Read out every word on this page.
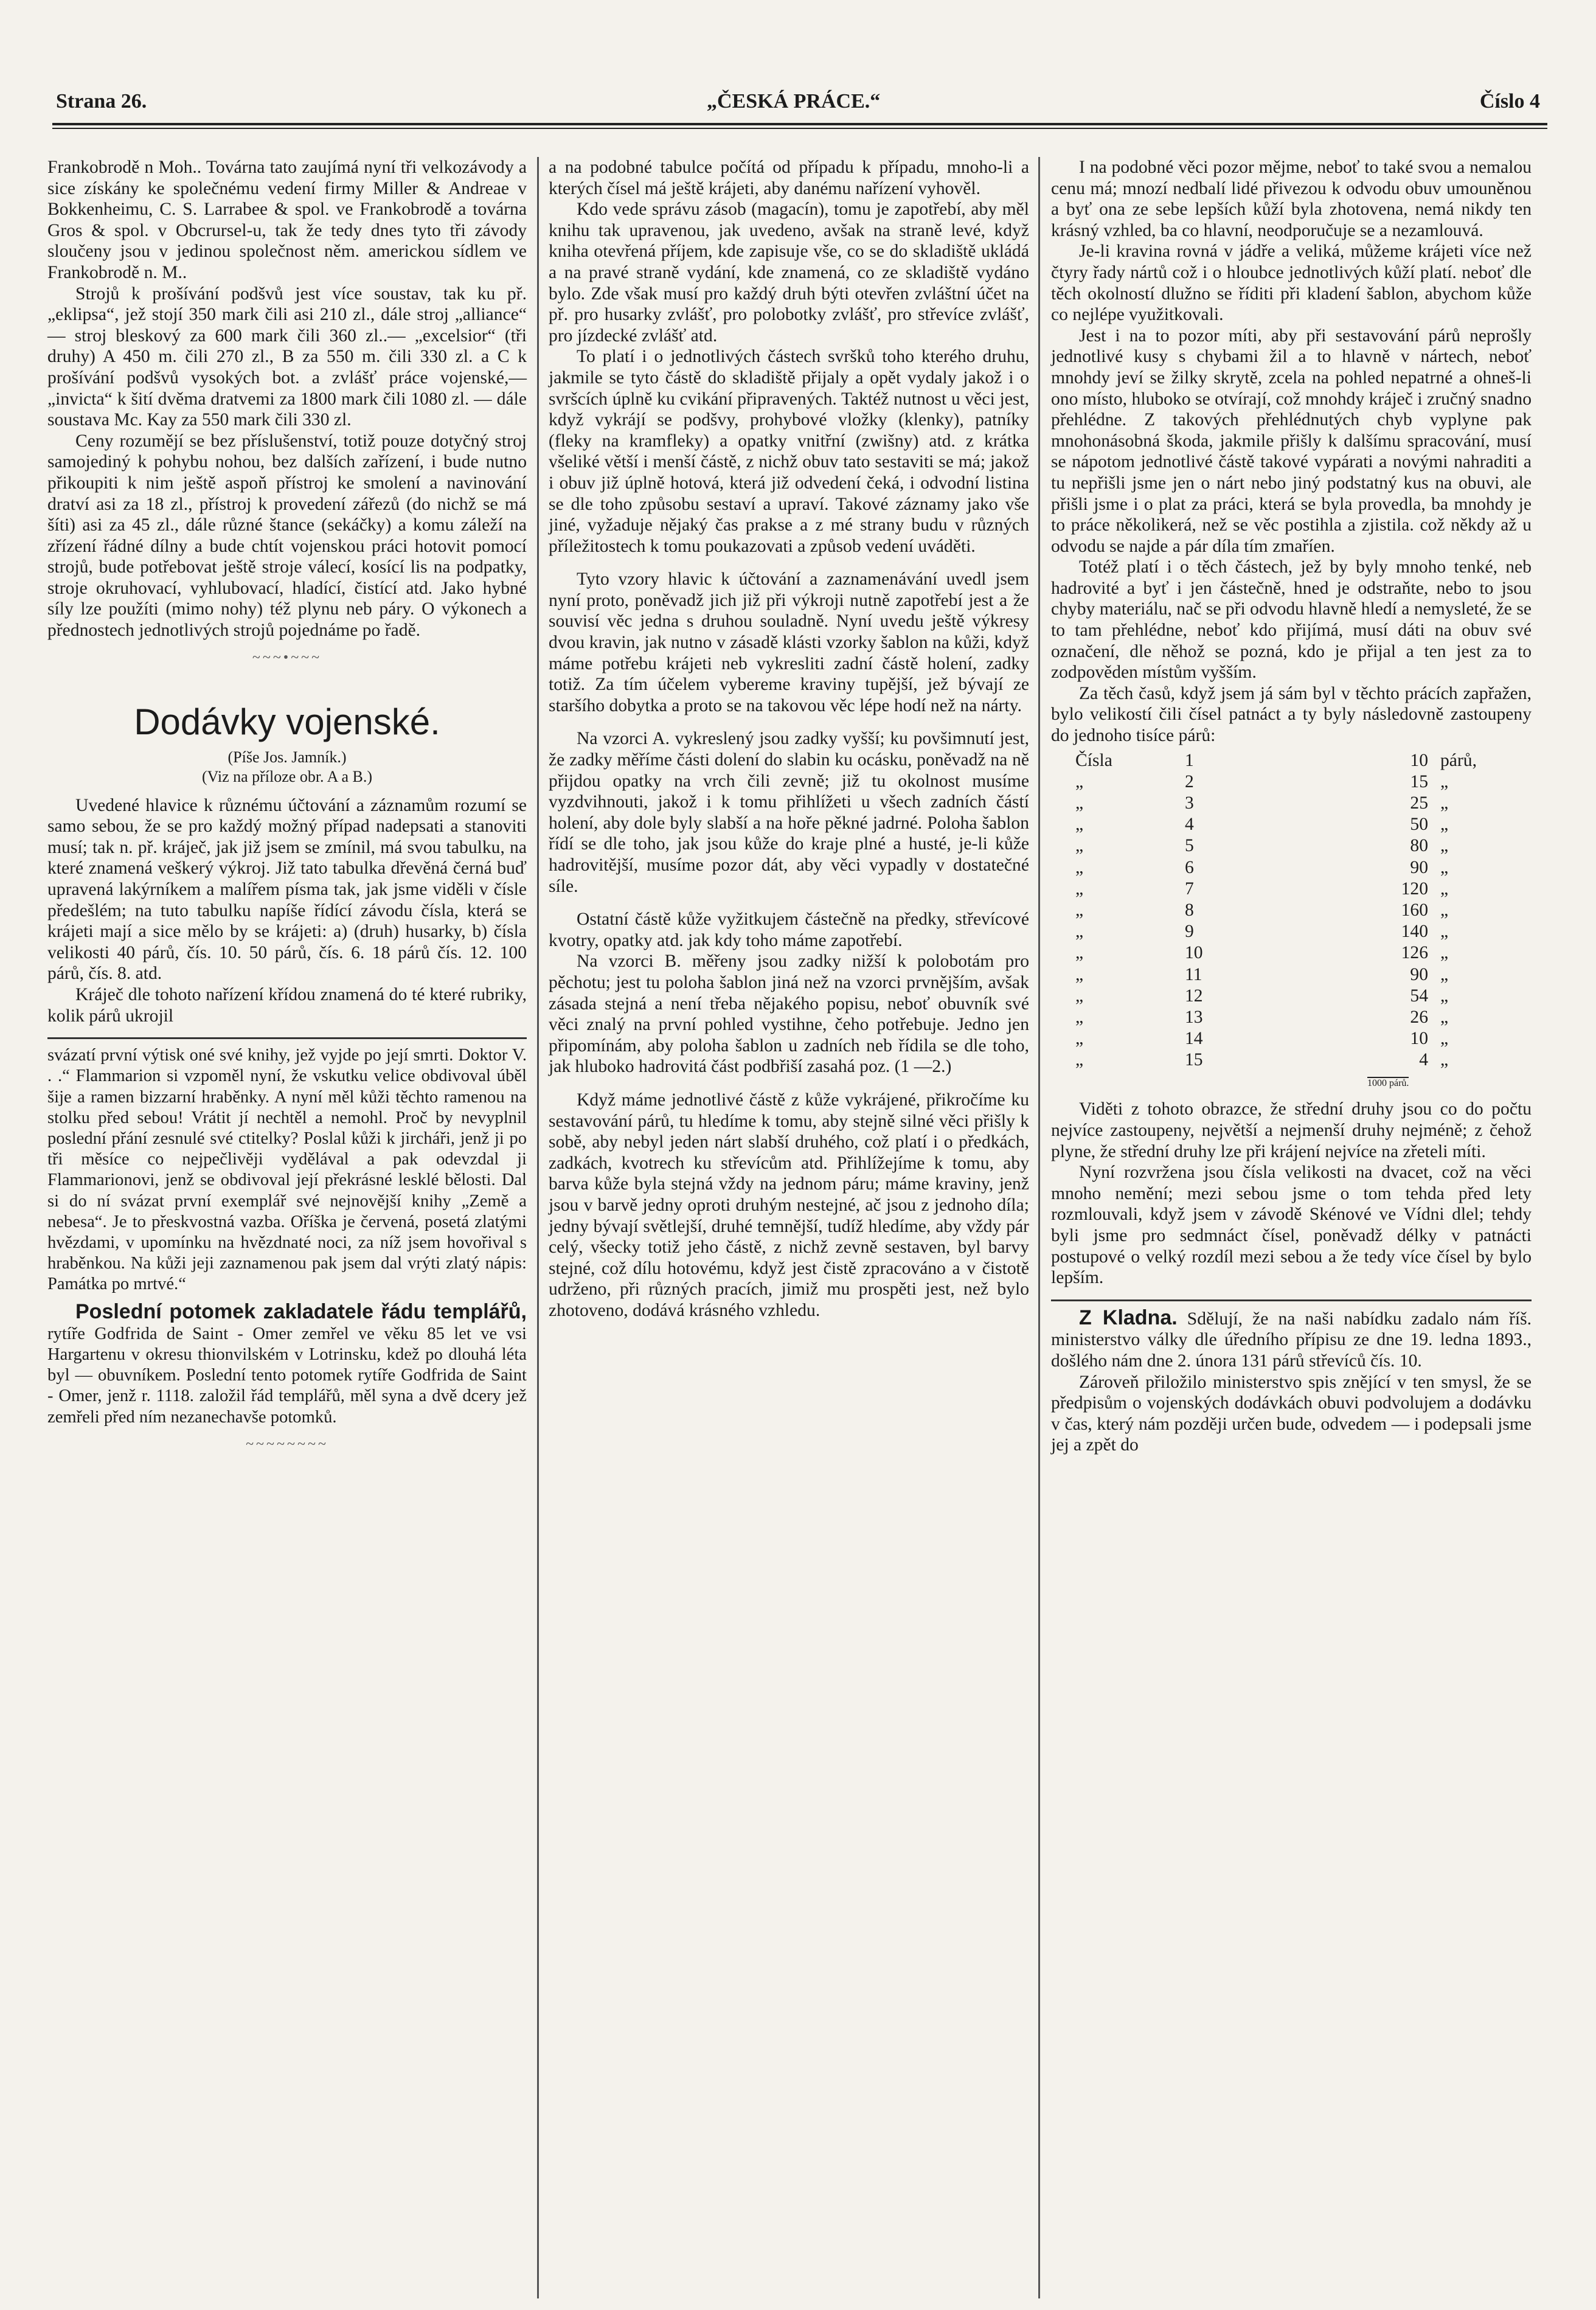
Strana 26.	„ČESKÁ PRÁCE.“	Číslo 4

Frankobrodě n Moh.. Továrna tato zaujímá nyní tři velkozávody a sice získány ke společnému vedení firmy Miller & Andreae v Bokkenheimu, C. S. Larrabee & spol. ve Frankobrodě a továrna Gros & spol. v Obcrursel-u, tak že tedy dnes tyto tři závody sloučeny jsou v jedinou společnost něm. americkou sídlem ve Frankobrodě n. M..

Strojů k prošívání podšvů jest více soustav, tak ku př. „eklipsa“, jež stojí 350 mark čili asi 210 zl., dále stroj „alliance“ — stroj bleskový za 600 mark čili 360 zl..— „excelsior“ (tři druhy) A 450 m. čili 270 zl., B za 550 m. čili 330 zl. a C k prošívání podšvů vysokých bot. a zvlášť práce vojenské,— „invicta“ k šití dvěma dratvemi za 1800 mark čili 1080 zl. — dále soustava Mc. Kay za 550 mark čili 330 zl.

Ceny rozumějí se bez příslušenství, totiž pouze dotyčný stroj samojediný k pohybu nohou, bez dalších zařízení, i bude nutno přikoupiti k nim ještě aspoň přístroj ke smolení a navinování dratví asi za 18 zl., přístroj k provedení zářezů (do nichž se má šíti) asi za 45 zl., dále různé štance (sekáčky) a komu záleží na zřízení řádné dílny a bude chtít vojenskou práci hotovit pomocí strojů, bude potřebovat ještě stroje válecí, kosící lis na podpatky, stroje okruhovací, vyhlubovací, hladící, čistící atd. Jako hybné síly lze použíti (mimo nohy) též plynu neb páry. O výkonech a přednostech jednotlivých strojů pojednáme po řadě.

~~~•~~~
Dodávky vojenské.
(Píše Jos. Jamník.)
(Viz na příloze obr. A a B.)

Uvedené hlavice k různému účtování a záznamům rozumí se samo sebou, že se pro každý možný případ nadepsati a stanoviti musí; tak n. př. kráječ, jak již jsem se zmínil, má svou tabulku, na které znamená veškerý výkroj. Již tato tabulka dřevěná černá buď upravená lakýrníkem a malířem písma tak, jak jsme viděli v čísle předešlém; na tuto tabulku napíše řídící závodu čísla, která se krájeti mají a sice mělo by se krájeti: a) (druh) husarky, b) čísla velikosti 40 párů, čís. 10. 50 párů, čís. 6. 18 párů čís. 12. 100 párů, čís. 8. atd.

Kráječ dle tohoto nařízení křídou znamená do té které rubriky, kolik párů ukrojil

svázatí první výtisk oné své knihy, jež vyjde po její smrti. Doktor V. . .“ Flammarion si vzpoměl nyní, že vskutku velice obdivoval úběl šije a ramen bizzarní hraběnky. A nyní měl kůži těchto ramenou na stolku před sebou! Vrátit jí nechtěl a nemohl. Proč by nevyplnil poslední přání zesnulé své ctitelky? Poslal kůži k jircháři, jenž ji po tři měsíce co nejpečlivěji vydělával a pak odevzdal ji Flammarionovi, jenž se obdivoval její překrásné lesklé bělosti. Dal si do ní svázat první exemplář své nejnovější knihy „Země a nebesa“. Je to přeskvostná vazba. Oříška je červená, posetá zlatými hvězdami, v upomínku na hvězdnaté noci, za níž jsem hovořival s hraběnkou. Na kůži jeji zaznamenou pak jsem dal vrýti zlatý nápis: Památka po mrtvé.“

Poslední potomek zakladatele řádu templářů, rytíře Godfrida de Saint - Omer zemřel ve věku 85 let ve vsi Hargartenu v okresu thionvilském v Lotrinsku, kdež po dlouhá léta byl — obuvníkem. Poslední tento potomek rytíře Godfrida de Saint - Omer, jenž r. 1118. založil řád templářů, měl syna a dvě dcery jež zemřeli před ním nezanechavše potomků.

~~~~~~~~

a na podobné tabulce počítá od případu k případu, mnoho-li a kterých čísel má ještě krájeti, aby danému nařízení vyhověl.

Kdo vede správu zásob (magacín), tomu je zapotřebí, aby měl knihu tak upravenou, jak uvedeno, avšak na straně levé, když kniha otevřená příjem, kde zapisuje vše, co se do skladiště ukládá a na pravé straně vydání, kde znamená, co ze skladiště vydáno bylo. Zde však musí pro každý druh býti otevřen zvláštní účet na př. pro husarky zvlášť, pro polobotky zvlášť, pro střevíce zvlášť, pro jízdecké zvlášť atd.

To platí i o jednotlivých částech svršků toho kterého druhu, jakmile se tyto částě do skladiště přijaly a opět vydaly jakož i o svršcích úplně ku cvikání připravených. Taktéž nutnost u věci jest, když vykrájí se podšvy, prohybové vložky (klenky), patníky (fleky na kramfleky) a opatky vnitřní (zwišny) atd. z krátka všeliké větší i menší částě, z nichž obuv tato sestaviti se má; jakož i obuv již úplně hotová, která již odvedení čeká, i odvodní listina se dle toho způsobu sestaví a upraví. Takové záznamy jako vše jiné, vyžaduje nějaký čas prakse a z mé strany budu v různých příležitostech k tomu poukazovati a způsob vedení uváděti.

Tyto vzory hlavic k účtování a zaznamenávání uvedl jsem nyní proto, poněvadž jich již při výkroji nutně zapotřebí jest a že souvisí věc jedna s druhou souladně. Nyní uvedu ještě výkresy dvou kravin, jak nutno v zásadě klásti vzorky šablon na kůži, když máme potřebu krájeti neb vykresliti zadní částě holení, zadky totiž. Za tím účelem vybereme kraviny tupější, jež bývají ze staršího dobytka a proto se na takovou věc lépe hodí než na nárty.

Na vzorci A. vykreslený jsou zadky vyšší; ku povšimnutí jest, že zadky měříme části dolení do slabin ku ocásku, poněvadž na ně přijdou opatky na vrch čili zevně; již tu okolnost musíme vyzdvihnouti, jakož i k tomu přihlížeti u všech zadních částí holení, aby dole byly slabší a na hoře pěkné jadrné. Poloha šablon řídí se dle toho, jak jsou kůže do kraje plné a husté, je-li kůže hadrovitější, musíme pozor dát, aby věci vypadly v dostatečné síle.

Ostatní částě kůže vyžitkujem částečně na předky, střevícové kvotry, opatky atd. jak kdy toho máme zapotřebí.

Na vzorci B. měřeny jsou zadky nižší k polobotám pro pěchotu; jest tu poloha šablon jiná než na vzorci prvnějším, avšak zásada stejná a není třeba nějakého popisu, neboť obuvník své věci znalý na první pohled vystihne, čeho potřebuje. Jedno jen připomínám, aby poloha šablon u zadních neb řídila se dle toho, jak hluboko hadrovitá část podbřiší zasahá poz. (1 —2.)

Když máme jednotlivé částě z kůže vykrájené, přikročíme ku sestavování párů, tu hledíme k tomu, aby stejně silné věci přišly k sobě, aby nebyl jeden nárt slabší druhého, což platí i o předkách, zadkách, kvotrech ku střevícům atd. Přihlížejíme k tomu, aby barva kůže byla stejná vždy na jednom páru; máme kraviny, jenž jsou v barvě jedny oproti druhým nestejné, ač jsou z jednoho díla; jedny bývají světlejší, druhé temnější, tudíž hledíme, aby vždy pár celý, všecky totiž jeho částě, z nichž zevně sestaven, byl barvy stejné, což dílu hotovému, když jest čistě zpracováno a v čistotě udrženo, při různých pracích, jimiž mu prospěti jest, než bylo zhotoveno, dodává krásného vzhledu.

I na podobné věci pozor mějme, neboť to také svou a nemalou cenu má; mnozí nedbalí lidé přivezou k odvodu obuv umouněnou a byť ona ze sebe lepších kůží byla zhotovena, nemá nikdy ten krásný vzhled, ba co hlavní, neodporučuje se a nezamlouvá.

Je-li kravina rovná v jádře a veliká, můžeme krájeti více než čtyry řady nártů což i o hloubce jednotlivých kůží platí. neboť dle těch okolností dlužno se říditi při kladení šablon, abychom kůže co nejlépe využitkovali.

Jest i na to pozor míti, aby při sestavování párů neprošly jednotlivé kusy s chybami žil a to hlavně v nártech, neboť mnohdy jeví se žilky skrytě, zcela na pohled nepatrné a ohneš-li ono místo, hluboko se otvírají, což mnohdy kráječ i zručný snadno přehlédne. Z takových přehlédnutých chyb vyplyne pak mnohonásobná škoda, jakmile přišly k dalšímu spracování, musí se nápotom jednotlivé částě takové vypárati a novými nahraditi a tu nepřišli jsme jen o nárt nebo jiný podstatný kus na obuvi, ale přišli jsme i o plat za práci, která se byla provedla, ba mnohdy je to práce několikerá, než se věc postihla a zjistila. což někdy až u odvodu se najde a pár díla tím zmaříen.

Totéž platí i o těch částech, jež by byly mnoho tenké, neb hadrovité a byť i jen částečně, hned je odstraňte, nebo to jsou chyby materiálu, nač se při odvodu hlavně hledí a nemysleté, že se to tam přehlédne, neboť kdo přijímá, musí dáti na obuv své označení, dle něhož se pozná, kdo je přijal a ten jest za to zodpověden místům vyšším.

Za těch časů, když jsem já sám byl v těchto prácích zapřažen, bylo velikostí čili čísel patnáct a ty byly následovně zastoupeny do jednoho tisíce párů:

Čísla	1	10 párů,
„	2	15 „
„	3	25 „
„	4	50 „
„	5	80 „
„	6	90 „
„	7	120 „
„	8	160 „
„	9	140 „
„	10	126 „
„	11	90 „
„	12	54 „
„	13	26 „
„	14	10 „
„	15	4 „
1000 párů.

Viděti z tohoto obrazce, že střední druhy jsou co do počtu nejvíce zastoupeny, největší a nejmenší druhy nejméně; z čehož plyne, že střední druhy lze při krájení nejvíce na zřeteli míti.

Nyní rozvržena jsou čísla velikosti na dvacet, což na věci mnoho nemění; mezi sebou jsme o tom tehda před lety rozmlouvali, když jsem v závodě Skénové ve Vídni dlel; tehdy byli jsme pro sedmnáct čísel, poněvadž délky v patnácti postupové o velký rozdíl mezi sebou a že tedy více čísel by bylo lepším.

Z Kladna. Sdělují, že na naši nabídku zadalo nám říš. ministerstvo války dle úředního přípisu ze dne 19. ledna 1893., došlého nám dne 2. února 131 párů střevíců čís. 10.

Zároveň přiložilo ministerstvo spis znějící v ten smysl, že se předpisům o vojenských dodávkách obuvi podvolujem a dodávku v čas, který nám později určen bude, odvedem — i podepsali jsme jej a zpět do
